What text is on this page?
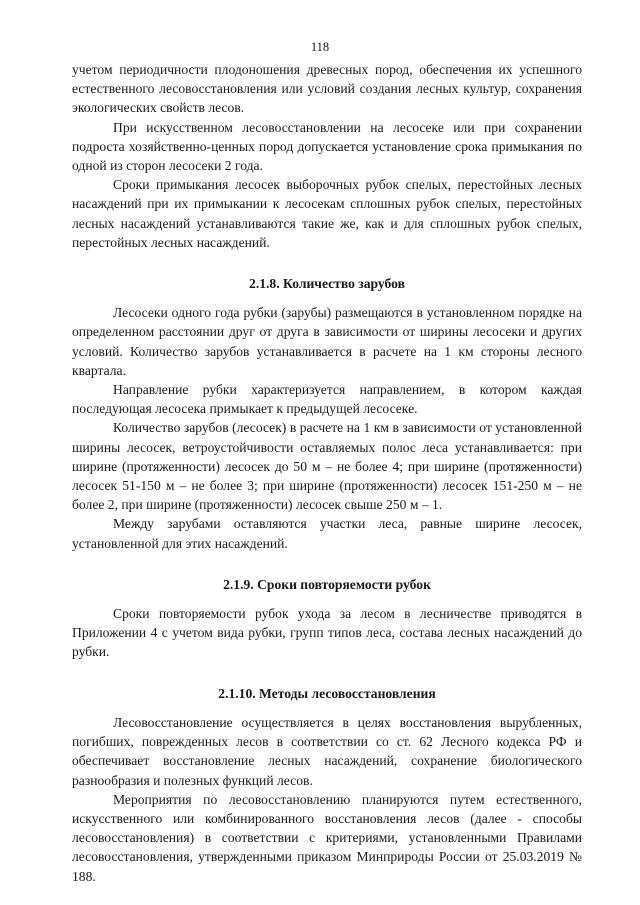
118

учетом периодичности плодоношения древесных пород, обеспечения их успешного естественного лесовосстановления или условий создания лесных культур, сохранения экологических свойств лесов.

При искусственном лесовосстановлении на лесосеке или при сохранении подроста хозяйственно-ценных пород допускается установление срока примыкания по одной из сторон лесосеки 2 года.

Сроки примыкания лесосек выборочных рубок спелых, перестойных лесных насаждений при их примыкании к лесосекам сплошных рубок спелых, перестойных лесных насаждений устанавливаются такие же, как и для сплошных рубок спелых, перестойных лесных насаждений.

2.1.8. Количество зарубов

Лесосеки одного года рубки (зарубы) размещаются в установленном порядке на определенном расстоянии друг от друга в зависимости от ширины лесосеки и других условий. Количество зарубов устанавливается в расчете на 1 км стороны лесного квартала.

Направление рубки характеризуется направлением, в котором каждая последующая лесосека примыкает к предыдущей лесосеке.

Количество зарубов (лесосек) в расчете на 1 км в зависимости от установленной ширины лесосек, ветроустойчивости оставляемых полос леса устанавливается: при ширине (протяженности) лесосек до 50 м – не более 4; при ширине (протяженности) лесосек 51-150 м – не более 3; при ширине (протяженности) лесосек 151-250 м – не более 2, при ширине (протяженности) лесосек свыше 250 м – 1.

Между зарубами оставляются участки леса, равные ширине лесосек, установленной для этих насаждений.

2.1.9. Сроки повторяемости рубок

Сроки повторяемости рубок ухода за лесом в лесничестве приводятся в Приложении 4 с учетом вида рубки, групп типов леса, состава лесных насаждений до рубки.

2.1.10. Методы лесовосстановления

Лесовосстановление осуществляется в целях восстановления вырубленных, погибших, поврежденных лесов в соответствии со ст. 62 Лесного кодекса РФ и обеспечивает восстановление лесных насаждений, сохранение биологического разнообразия и полезных функций лесов.

Мероприятия по лесовосстановлению планируются путем естественного, искусственного или комбинированного восстановления лесов (далее - способы лесовосстановления) в соответствии с критериями, установленными Правилами лесовосстановления, утвержденными приказом Минприроды России от 25.03.2019 № 188.
